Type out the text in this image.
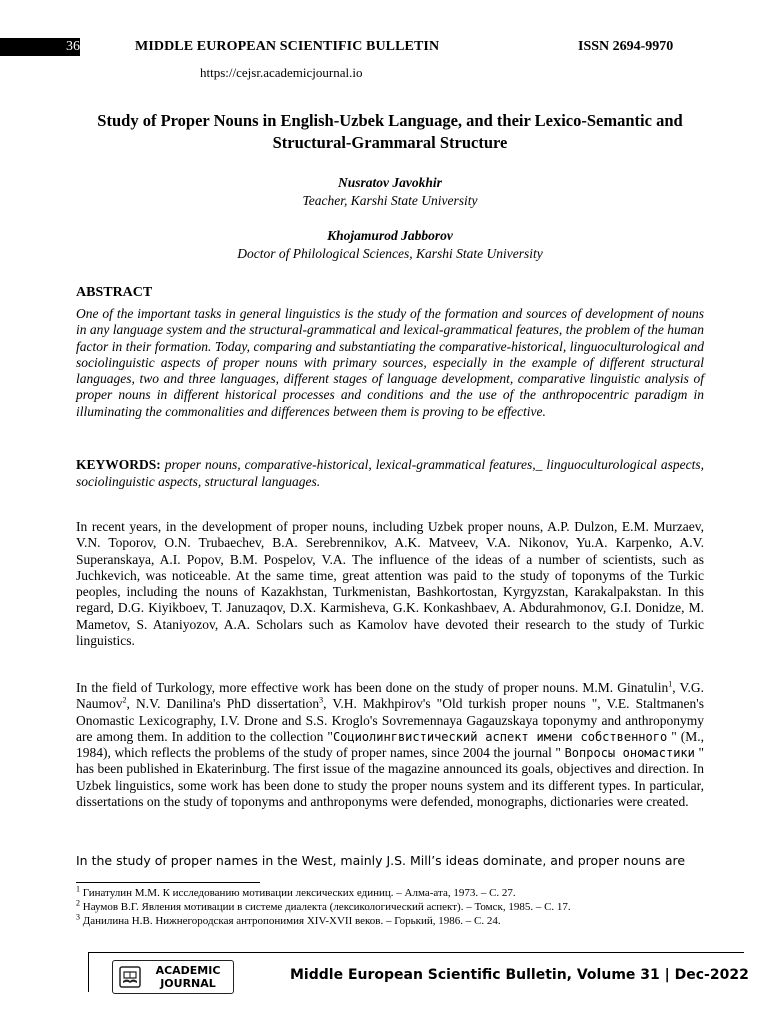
36	MIDDLE EUROPEAN SCIENTIFIC BULLETIN	ISSN 2694-9970
https://cejsr.academicjournal.io
Study of Proper Nouns in English-Uzbek Language, and their Lexico-Semantic and Structural-Grammaral Structure
Nusratov Javokhir
Teacher, Karshi State University
Khojamurod Jabborov
Doctor of Philological Sciences, Karshi State University
ABSTRACT

One of the important tasks in general linguistics is the study of the formation and sources of development of nouns in any language system and the structural-grammatical and lexical-grammatical features, the problem of the human factor in their formation. Today, comparing and substantiating the comparative-historical, linguoculturological and sociolinguistic aspects of proper nouns with primary sources, especially in the example of different structural languages, two and three languages, different stages of language development, comparative linguistic analysis of proper nouns in different historical processes and conditions and the use of the anthropocentric paradigm in illuminating the commonalities and differences between them is proving to be effective.

KEYWORDS: proper nouns, comparative-historical, lexical-grammatical features,_ linguoculturological aspects, sociolinguistic aspects, structural languages.

In recent years, in the development of proper nouns, including Uzbek proper nouns, A.P. Dulzon, E.M. Murzaev, V.N. Toporov, O.N. Trubaechev, B.A. Serebrennikov, A.K. Matveev, V.A. Nikonov, Yu.A. Karpenko, A.V. Superanskaya, A.I. Popov, B.M. Pospelov, V.A. The influence of the ideas of a number of scientists, such as Juchkevich, was noticeable. At the same time, great attention was paid to the study of toponyms of the Turkic peoples, including the nouns of Kazakhstan, Turkmenistan, Bashkortostan, Kyrgyzstan, Karakalpakstan. In this regard, D.G. Kiyikboev, T. Januzaqov, D.X. Karmisheva, G.K. Konkashbaev, A. Abdurahmonov, G.I. Donidze, M. Mametov, S. Ataniyozov, A.A. Scholars such as Kamolov have devoted their research to the study of Turkic linguistics.

In the field of Turkology, more effective work has been done on the study of proper nouns. M.M. Ginatulin$^1$, V.G. Naumov$^2$, N.V. Danilina's PhD dissertation$^3$, V.H. Makhpirov's "Old turkish proper nouns ", V.E. Staltmanen's Onomastic Lexicography, I.V. Drone and S.S. Kroglo's Sovremennaya Gagauzskaya toponymy and anthroponymy are among them. In addition to the collection "Социолингвистический аспект имени собственного " (M., 1984), which reflects the problems of the study of proper names, since 2004 the journal " Вопросы ономастики " has been published in Ekaterinburg. The first issue of the magazine announced its goals, objectives and direction. In Uzbek linguistics, some work has been done to study the proper nouns system and its different types. In particular, dissertations on the study of toponyms and anthroponyms were defended, monographs, dictionaries were created.

In the study of proper names in the West, mainly J.S. Mill’s ideas dominate, and proper nouns are

$^1$ Гинатулин М.М. К исследованию мотивации лексических единиц. – Алма-ата, 1973. – С. 27.
$^2$ Наумов В.Г. Явления мотивации в системе диалекта (лексикологический аспект). – Томск, 1985. – С. 17.
$^3$ Данилина Н.В. Нижнегородская антропонимия XIV-XVII веков. – Горький, 1986. – С. 24.
ACADEMIC
JOURNAL
Middle European Scientific Bulletin, Volume 31 | Dec-2022
